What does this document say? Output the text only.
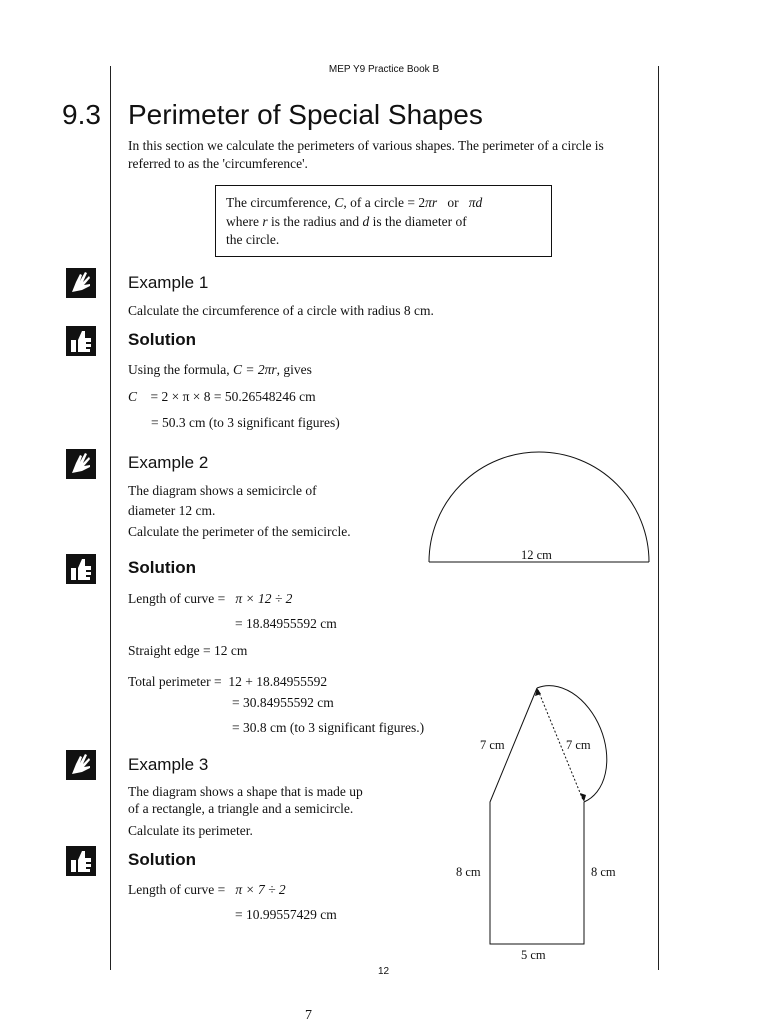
MEP Y9 Practice Book B
9.3 Perimeter of Special Shapes
In this section we calculate the perimeters of various shapes. The perimeter of a circle is referred to as the 'circumference'.
The circumference, C, of a circle = 2πr or πd
where r is the radius and d is the diameter of
the circle.
Example 1
Calculate the circumference of a circle with radius 8 cm.
Solution
Using the formula, C = 2πr, gives
C = 2 × π × 8 = 50.26548246 cm
= 50.3 cm (to 3 significant figures)
Example 2
The diagram shows a semicircle of
diameter 12 cm.
Calculate the perimeter of the semicircle.
12 cm
Solution
Length of curve = π × 12 ÷ 2
= 18.84955592 cm
Straight edge = 12 cm
Total perimeter = 12 + 18.84955592
= 30.84955592 cm
= 30.8 cm (to 3 significant figures.)
Example 3
The diagram shows a shape that is made up
of a rectangle, a triangle and a semicircle.
Calculate its perimeter.
7 cm	7 cm
8 cm	8 cm
5 cm
Solution
Length of curve = π × 7 ÷ 2
= 10.99557429 cm
12
7
